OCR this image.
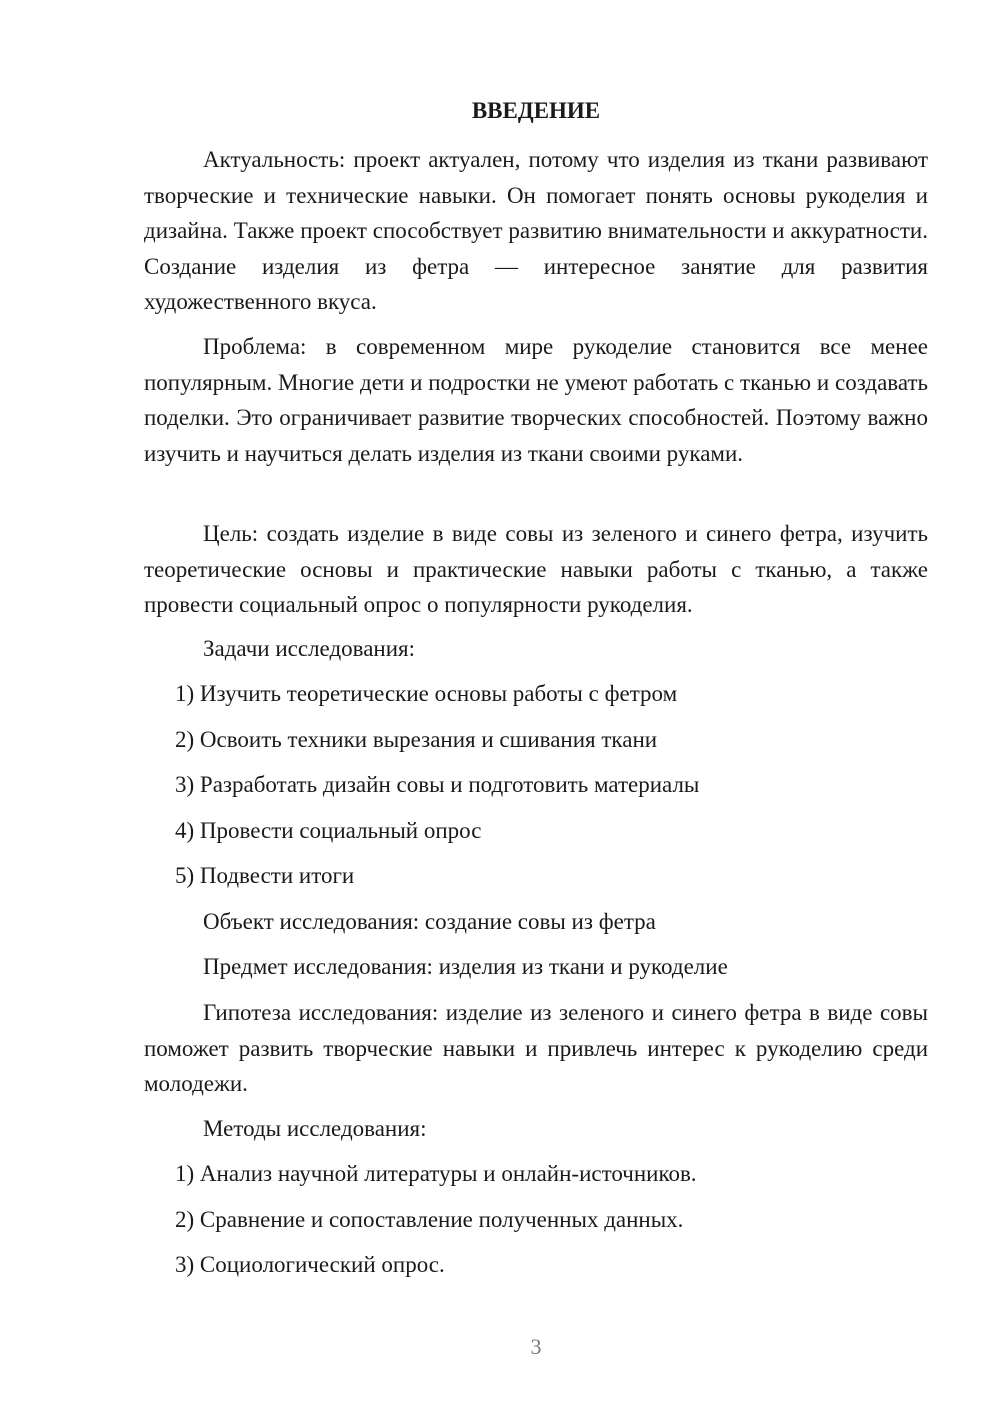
ВВЕДЕНИЕ

Актуальность: проект актуален, потому что изделия из ткани развивают творческие и технические навыки. Он помогает понять основы рукоделия и дизайна. Также проект способствует развитию внимательности и аккуратности. Создание изделия из фетра — интересное занятие для развития художественного вкуса.

Проблема: в современном мире рукоделие становится все менее популярным. Многие дети и подростки не умеют работать с тканью и создавать поделки. Это ограничивает развитие творческих способностей. Поэтому важно изучить и научиться делать изделия из ткани своими руками.

Цель: создать изделие в виде совы из зеленого и синего фетра, изучить теоретические основы и практические навыки работы с тканью, а также провести социальный опрос о популярности рукоделия.

Задачи исследования:

1) Изучить теоретические основы работы с фетром

2) Освоить техники вырезания и сшивания ткани

3) Разработать дизайн совы и подготовить материалы

4) Провести социальный опрос

5) Подвести итоги

Объект исследования: создание совы из фетра

Предмет исследования: изделия из ткани и рукоделие

Гипотеза исследования: изделие из зеленого и синего фетра в виде совы поможет развить творческие навыки и привлечь интерес к рукоделию среди молодежи.

Методы исследования:

1) Анализ научной литературы и онлайн-источников.

2) Сравнение и сопоставление полученных данных.

3) Социологический опрос.

3
